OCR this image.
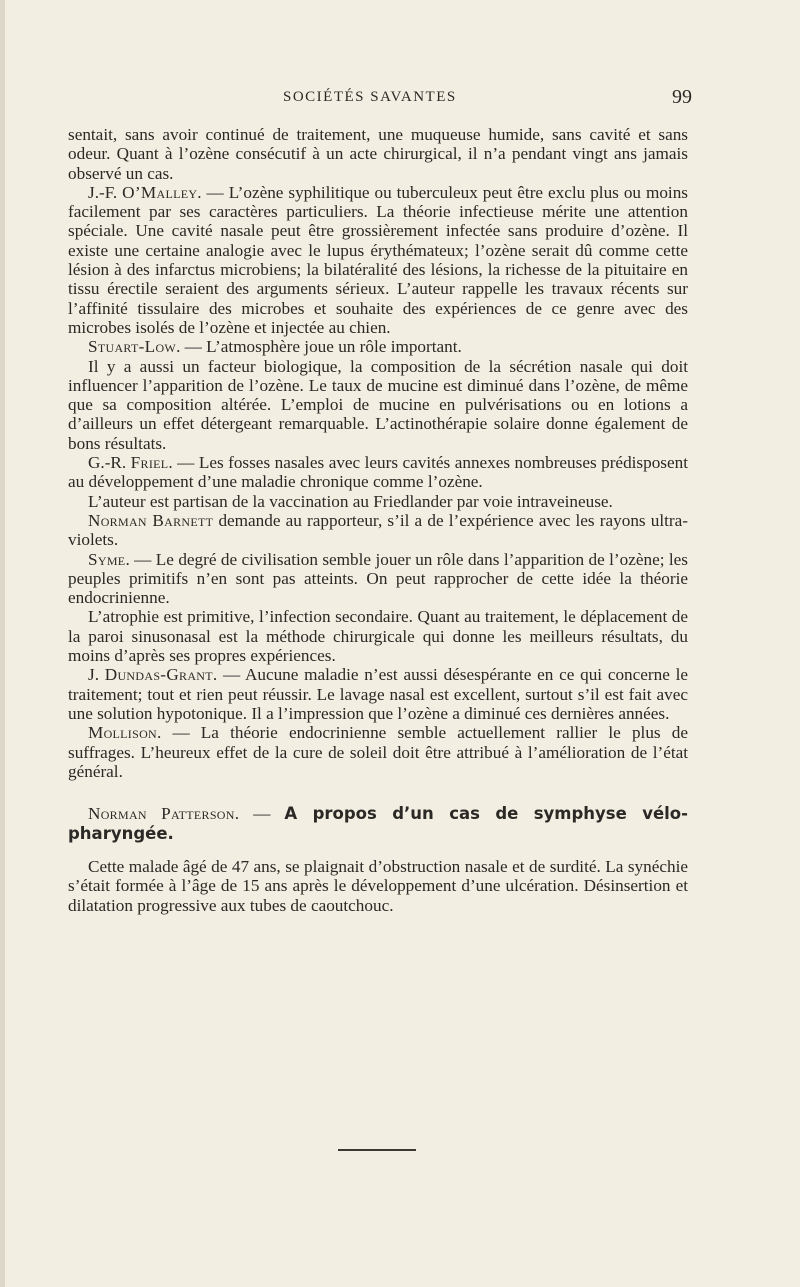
SOCIÉTÉS SAVANTES	99

sentait, sans avoir continué de traitement, une muqueuse humide, sans cavité et sans odeur. Quant à l’ozène consécutif à un acte chirurgical, il n’a pendant vingt ans jamais observé un cas.

J.-F. O’Malley. — L’ozène syphilitique ou tuberculeux peut être exclu plus ou moins facilement par ses caractères particuliers. La théorie infectieuse mérite une attention spéciale. Une cavité nasale peut être grossièrement infectée sans produire d’ozène. Il existe une certaine analogie avec le lupus érythémateux; l’ozène serait dû comme cette lésion à des infarctus microbiens; la bilatéralité des lésions, la richesse de la pituitaire en tissu érectile seraient des arguments sérieux. L’auteur rappelle les travaux récents sur l’affinité tissulaire des microbes et souhaite des expériences de ce genre avec des microbes isolés de l’ozène et injectée au chien.

Stuart-Low. — L’atmosphère joue un rôle important.

Il y a aussi un facteur biologique, la composition de la sécrétion nasale qui doit influencer l’apparition de l’ozène. Le taux de mucine est diminué dans l’ozène, de même que sa composition altérée. L’emploi de mucine en pulvérisations ou en lotions a d’ailleurs un effet détergeant remarquable. L’actinothérapie solaire donne également de bons résultats.

G.-R. Friel. — Les fosses nasales avec leurs cavités annexes nombreuses prédisposent au développement d’une maladie chronique comme l’ozène.

L’auteur est partisan de la vaccination au Friedlander par voie intraveineuse.

Norman Barnett demande au rapporteur, s’il a de l’expérience avec les rayons ultra-violets.

Syme. — Le degré de civilisation semble jouer un rôle dans l’apparition de l’ozène; les peuples primitifs n’en sont pas atteints. On peut rapprocher de cette idée la théorie endocrinienne.

L’atrophie est primitive, l’infection secondaire. Quant au traitement, le déplacement de la paroi sinusonasal est la méthode chirurgicale qui donne les meilleurs résultats, du moins d’après ses propres expériences.

J. Dundas-Grant. — Aucune maladie n’est aussi désespérante en ce qui concerne le traitement; tout et rien peut réussir. Le lavage nasal est excellent, surtout s’il est fait avec une solution hypotonique. Il a l’impression que l’ozène a diminué ces dernières années.

Mollison. — La théorie endocrinienne semble actuellement rallier le plus de suffrages. L’heureux effet de la cure de soleil doit être attribué à l’amélioration de l’état général.

Norman Patterson. — A propos d’un cas de symphyse vélo-pharyngée.

Cette malade âgé de 47 ans, se plaignait d’obstruction nasale et de surdité. La synéchie s’était formée à l’âge de 15 ans après le développement d’une ulcération. Désinsertion et dilatation progressive aux tubes de caoutchouc.
